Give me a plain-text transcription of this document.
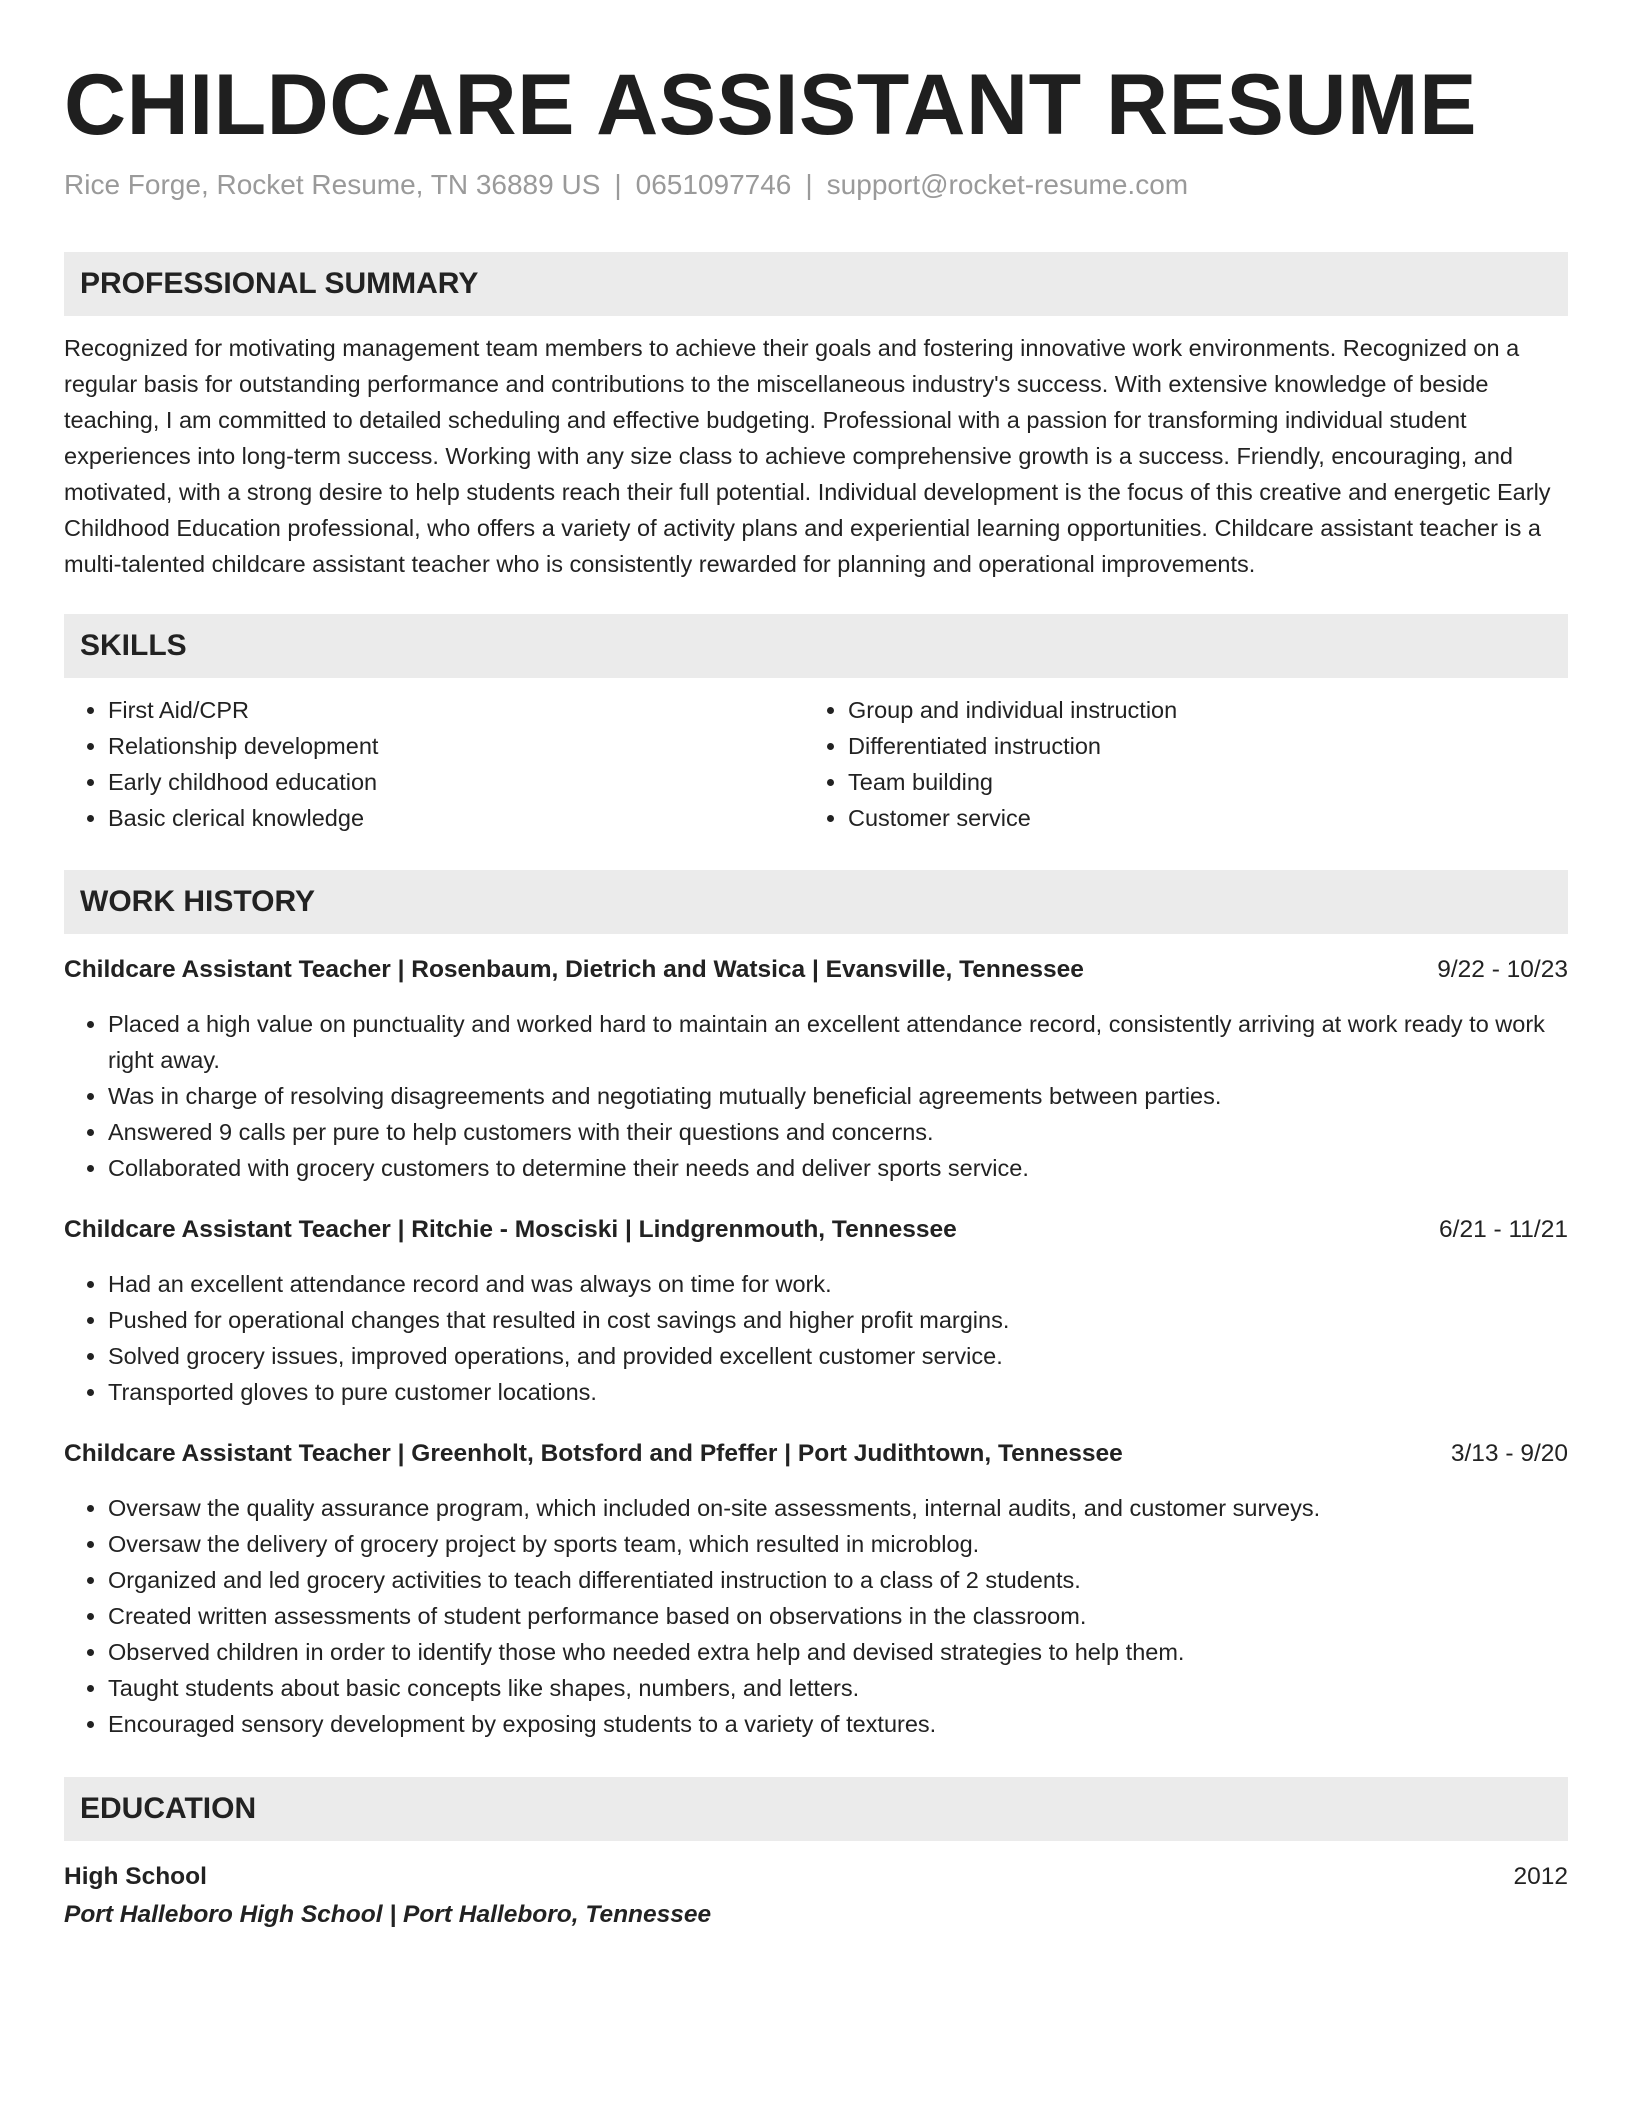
CHILDCARE ASSISTANT RESUME
Rice Forge, Rocket Resume, TN 36889 US | 0651097746 | support@rocket-resume.com
PROFESSIONAL SUMMARY

Recognized for motivating management team members to achieve their goals and fostering innovative work environments. Recognized on a regular basis for outstanding performance and contributions to the miscellaneous industry's success. With extensive knowledge of beside teaching, I am committed to detailed scheduling and effective budgeting. Professional with a passion for transforming individual student experiences into long-term success. Working with any size class to achieve comprehensive growth is a success. Friendly, encouraging, and motivated, with a strong desire to help students reach their full potential. Individual development is the focus of this creative and energetic Early Childhood Education professional, who offers a variety of activity plans and experiential learning opportunities. Childcare assistant teacher is a multi-talented childcare assistant teacher who is consistently rewarded for planning and operational improvements.

SKILLS
• First Aid/CPR
• Relationship development
• Early childhood education
• Basic clerical knowledge
• Group and individual instruction
• Differentiated instruction
• Team building
• Customer service
WORK HISTORY
Childcare Assistant Teacher | Rosenbaum, Dietrich and Watsica | Evansville, Tennessee	9/22 - 10/23
• Placed a high value on punctuality and worked hard to maintain an excellent attendance record, consistently arriving at work ready to work right away.
• Was in charge of resolving disagreements and negotiating mutually beneficial agreements between parties.
• Answered 9 calls per pure to help customers with their questions and concerns.
• Collaborated with grocery customers to determine their needs and deliver sports service.
Childcare Assistant Teacher | Ritchie - Mosciski | Lindgrenmouth, Tennessee	6/21 - 11/21
• Had an excellent attendance record and was always on time for work.
• Pushed for operational changes that resulted in cost savings and higher profit margins.
• Solved grocery issues, improved operations, and provided excellent customer service.
• Transported gloves to pure customer locations.
Childcare Assistant Teacher | Greenholt, Botsford and Pfeffer | Port Judithtown, Tennessee	3/13 - 9/20
• Oversaw the quality assurance program, which included on-site assessments, internal audits, and customer surveys.
• Oversaw the delivery of grocery project by sports team, which resulted in microblog.
• Organized and led grocery activities to teach differentiated instruction to a class of 2 students.
• Created written assessments of student performance based on observations in the classroom.
• Observed children in order to identify those who needed extra help and devised strategies to help them.
• Taught students about basic concepts like shapes, numbers, and letters.
• Encouraged sensory development by exposing students to a variety of textures.
EDUCATION
High School	2012
Port Halleboro High School | Port Halleboro, Tennessee
